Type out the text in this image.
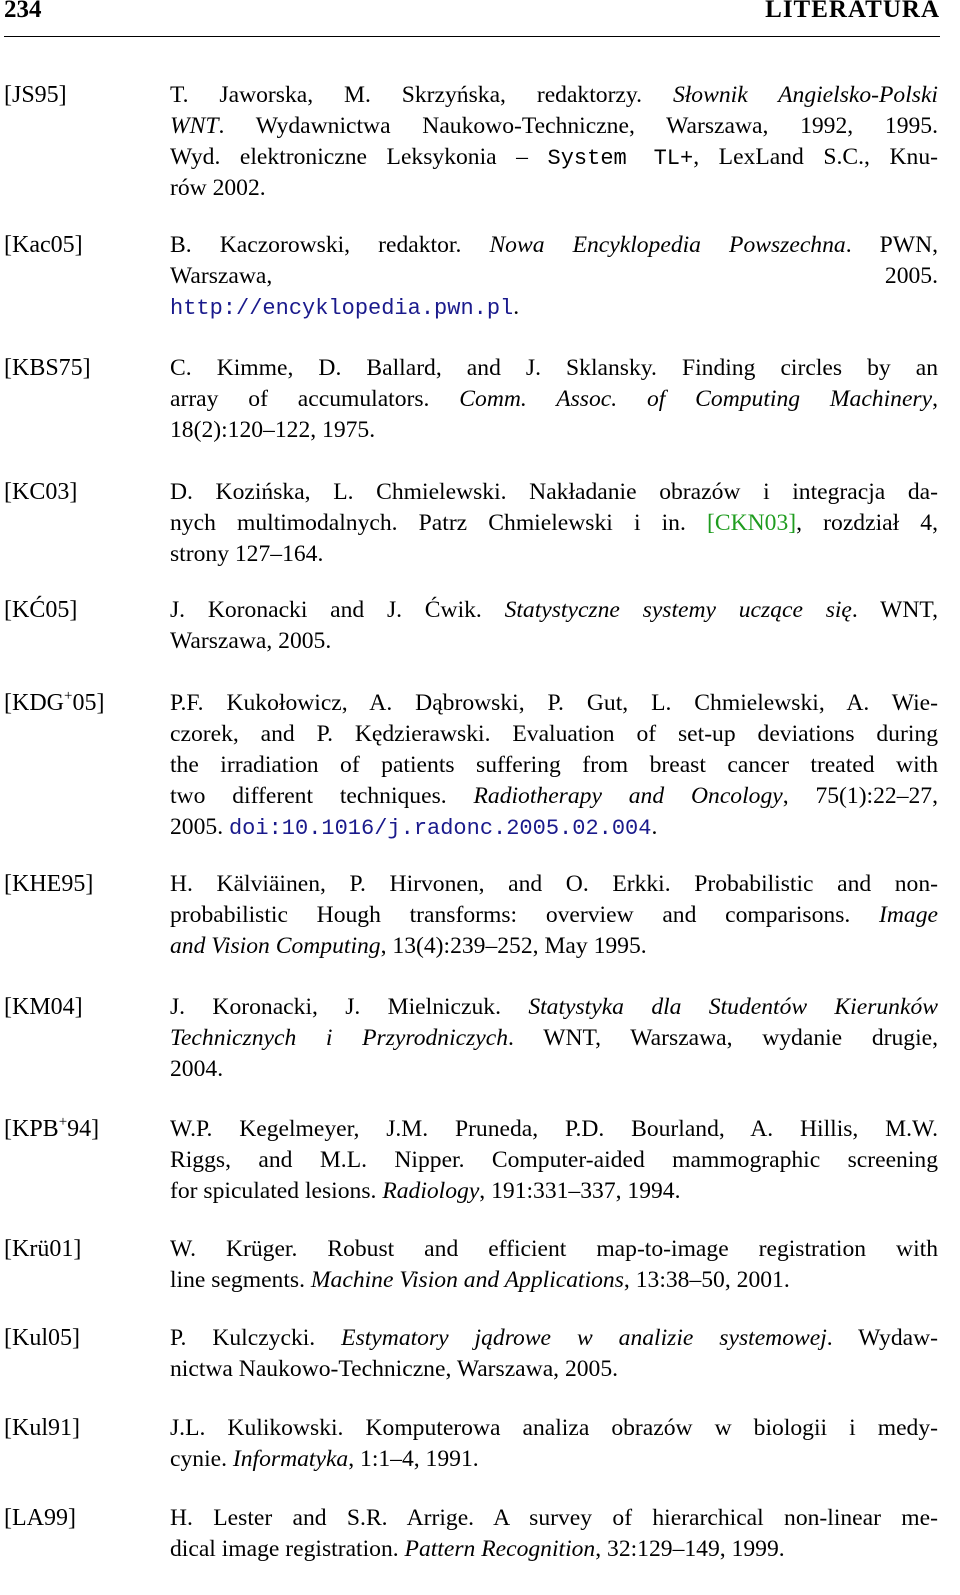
234	LITERATURA
[JS95]	T. Jaworska, M. Skrzyńska, redaktorzy. Słownik Angielsko-Polski
WNT. Wydawnictwa Naukowo-Techniczne, Warszawa, 1992, 1995.
Wyd. elektroniczne Leksykonia – System TL+, LexLand S.C., Knu-
rów 2002.
[Kac05]	B. Kaczorowski, redaktor. Nowa Encyklopedia Powszechna. PWN,
Warszawa, 2005.
http://encyklopedia.pwn.pl.
[KBS75]	C. Kimme, D. Ballard, and J. Sklansky. Finding circles by an
array of accumulators. Comm. Assoc. of Computing Machinery,
18(2):120–122, 1975.
[KC03]	D. Kozińska, L. Chmielewski. Nakładanie obrazów i integracja da-
nych multimodalnych. Patrz Chmielewski i in. [CKN03], rozdział 4,
strony 127–164.
[KĆ05]	J. Koronacki and J. Ćwik. Statystyczne systemy uczące się. WNT,
Warszawa, 2005.
[KDG+05]	P.F. Kukołowicz, A. Dąbrowski, P. Gut, L. Chmielewski, A. Wie-
czorek, and P. Kędzierawski. Evaluation of set-up deviations during
the irradiation of patients suffering from breast cancer treated with
two different techniques. Radiotherapy and Oncology, 75(1):22–27,
2005. doi:10.1016/j.radonc.2005.02.004.
[KHE95]	H. Kälviäinen, P. Hirvonen, and O. Erkki. Probabilistic and non-
probabilistic Hough transforms: overview and comparisons. Image
and Vision Computing, 13(4):239–252, May 1995.
[KM04]	J. Koronacki, J. Mielniczuk. Statystyka dla Studentów Kierunków
Technicznych i Przyrodniczych. WNT, Warszawa, wydanie drugie,
2004.
[KPB+94]	W.P. Kegelmeyer, J.M. Pruneda, P.D. Bourland, A. Hillis, M.W.
Riggs, and M.L. Nipper. Computer-aided mammographic screening
for spiculated lesions. Radiology, 191:331–337, 1994.
[Krü01]	W. Krüger. Robust and efficient map-to-image registration with
line segments. Machine Vision and Applications, 13:38–50, 2001.
[Kul05]	P. Kulczycki. Estymatory jądrowe w analizie systemowej. Wydaw-
nictwa Naukowo-Techniczne, Warszawa, 2005.
[Kul91]	J.L. Kulikowski. Komputerowa analiza obrazów w biologii i medy-
cynie. Informatyka, 1:1–4, 1991.
[LA99]	H. Lester and S.R. Arrige. A survey of hierarchical non-linear me-
dical image registration. Pattern Recognition, 32:129–149, 1999.
